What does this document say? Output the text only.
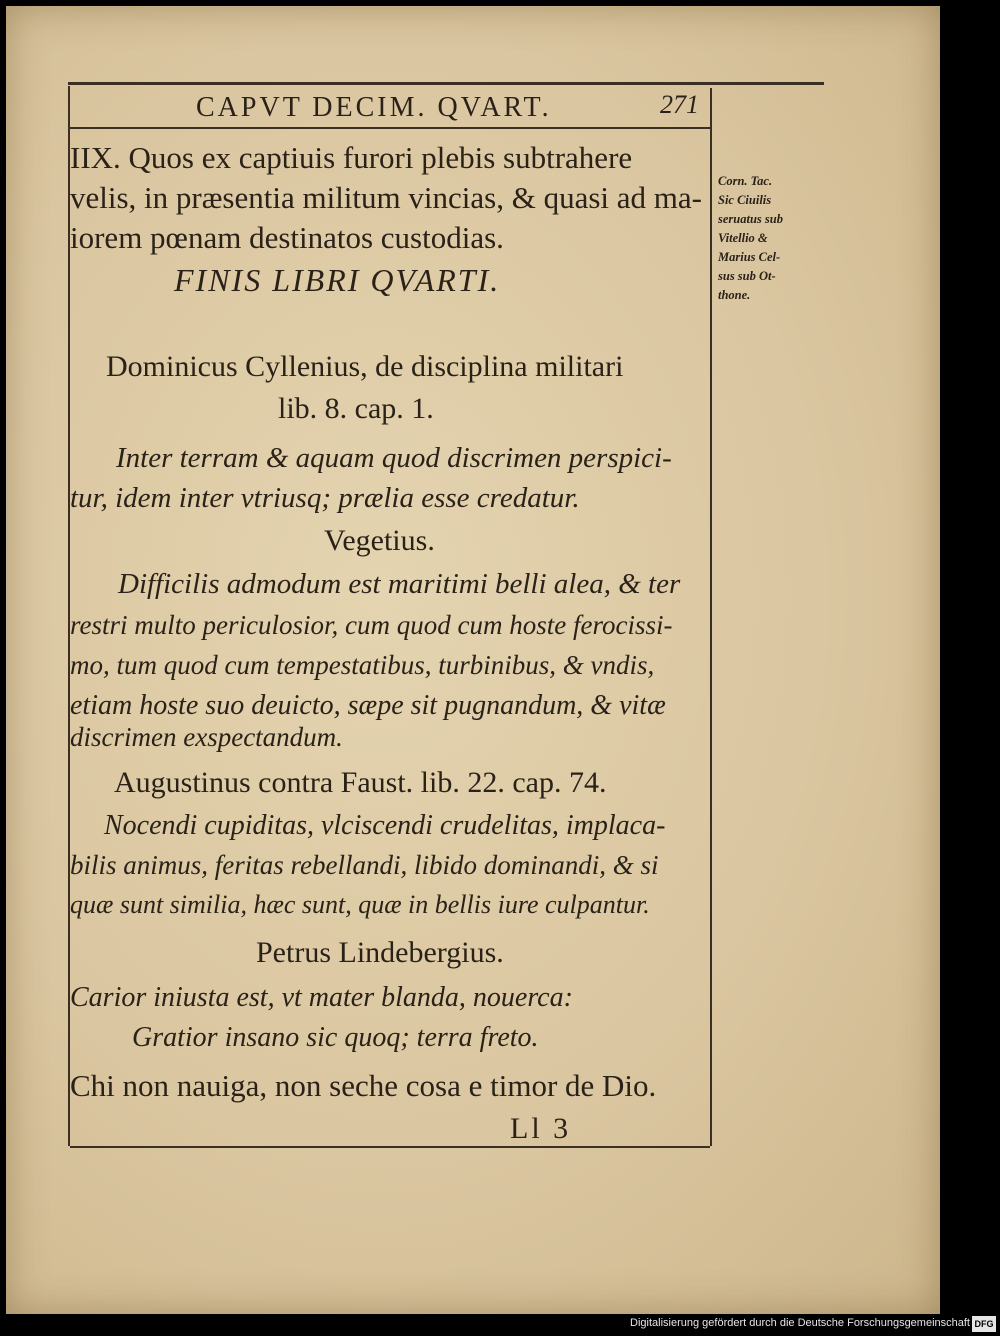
CAPVT DECIM. QVART.	271
IIX. Quos ex captiuis furori plebis subtrahere
velis, in præsentia militum vincias, & quasi ad ma-
iorem pœnam destinatos custodias.
FINIS LIBRI QVARTI.
Dominicus Cyllenius, de disciplina militari
lib. 8. cap. 1.
Inter terram & aquam quod discrimen perspici-
tur, idem inter vtriusq; prælia esse credatur.
Vegetius.
Difficilis admodum est maritimi belli alea, & ter
restri multo periculosior, cum quod cum hoste ferocissi-
mo, tum quod cum tempestatibus, turbinibus, & vndis,
etiam hoste suo deuicto, sæpe sit pugnandum, & vitæ
discrimen exspectandum.
Augustinus contra Faust. lib. 22. cap. 74.
Nocendi cupiditas, vlciscendi crudelitas, implaca-
bilis animus, feritas rebellandi, libido dominandi, & si
quæ sunt similia, hæc sunt, quæ in bellis iure culpantur.
Petrus Lindebergius.
Carior iniusta est, vt mater blanda, nouerca:
Gratior insano sic quoq; terra freto.
Chi non nauiga, non seche cosa e timor de Dio.
Ll 3
Corn. Tac.
Sic Ciuilis
seruatus sub
Vitellio &
Marius Cel-
sus sub Ot-
thone.
Digitalisierung gefördert durch die Deutsche Forschungsgemeinschaft DFG
